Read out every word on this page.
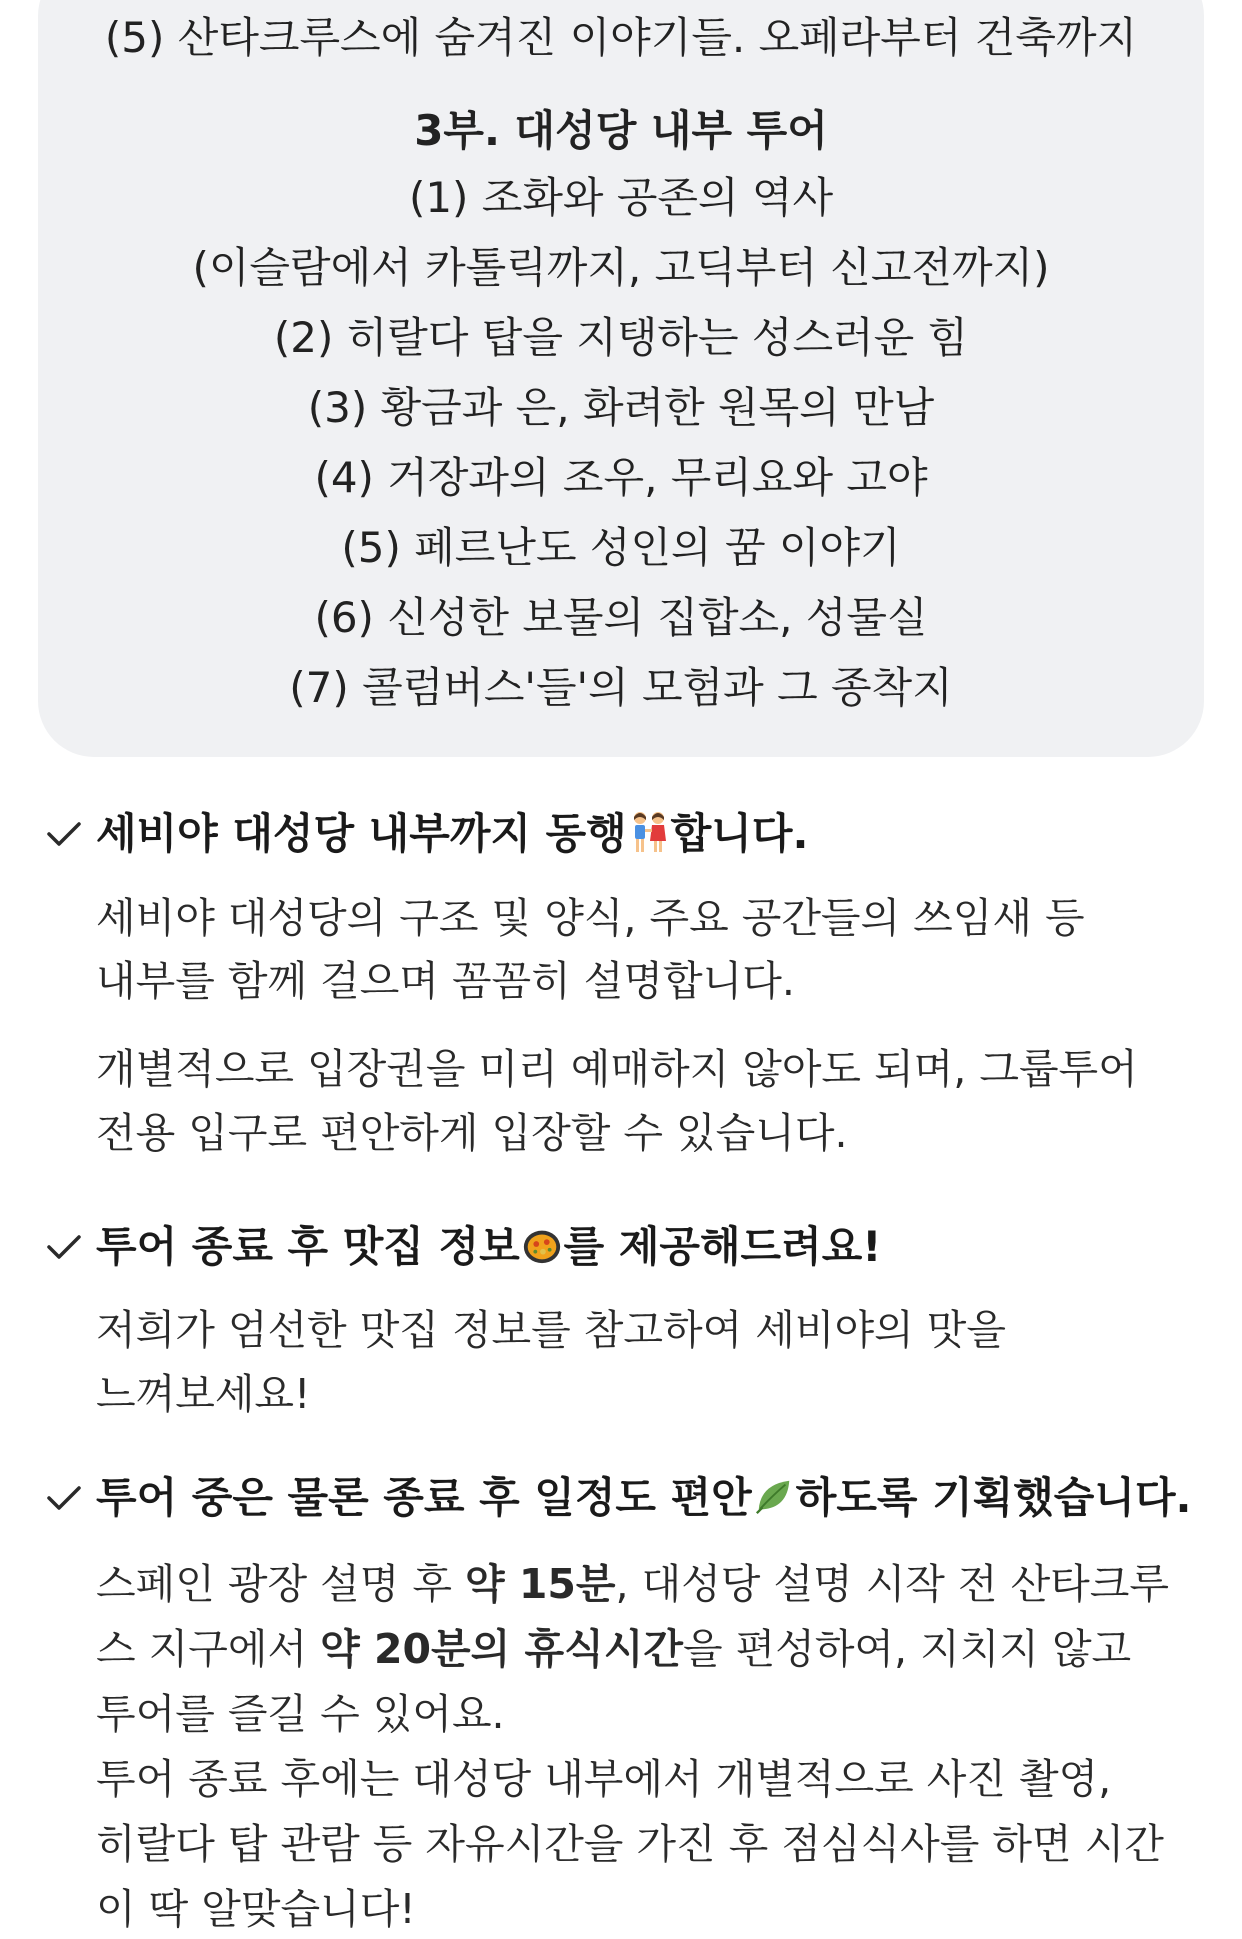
(5) 산타크루스에 숨겨진 이야기들. 오페라부터 건축까지
3부. 대성당 내부 투어
(1) 조화와 공존의 역사
(이슬람에서 카톨릭까지, 고딕부터 신고전까지)
(2) 히랄다 탑을 지탱하는 성스러운 힘
(3) 황금과 은, 화려한 원목의 만남
(4) 거장과의 조우, 무리요와 고야
(5) 페르난도 성인의 꿈 이야기
(6) 신성한 보물의 집합소, 성물실
(7) 콜럼버스'들'의 모험과 그 종착지
세비야 대성당 내부까지 동행 합니다.
세비야 대성당의 구조 및 양식, 주요 공간들의 쓰임새 등
내부를 함께 걸으며 꼼꼼히 설명합니다.
개별적으로 입장권을 미리 예매하지 않아도 되며, 그룹투어
전용 입구로 편안하게 입장할 수 있습니다.
투어 종료 후 맛집 정보 를 제공해드려요!
저희가 엄선한 맛집 정보를 참고하여 세비야의 맛을
느껴보세요!
투어 중은 물론 종료 후 일정도 편안 하도록 기획했습니다.
스페인 광장 설명 후 약 15분, 대성당 설명 시작 전 산타크루
스 지구에서 약 20분의 휴식시간을 편성하여, 지치지 않고
투어를 즐길 수 있어요.
투어 종료 후에는 대성당 내부에서 개별적으로 사진 촬영,
히랄다 탑 관람 등 자유시간을 가진 후 점심식사를 하면 시간
이 딱 알맞습니다!
